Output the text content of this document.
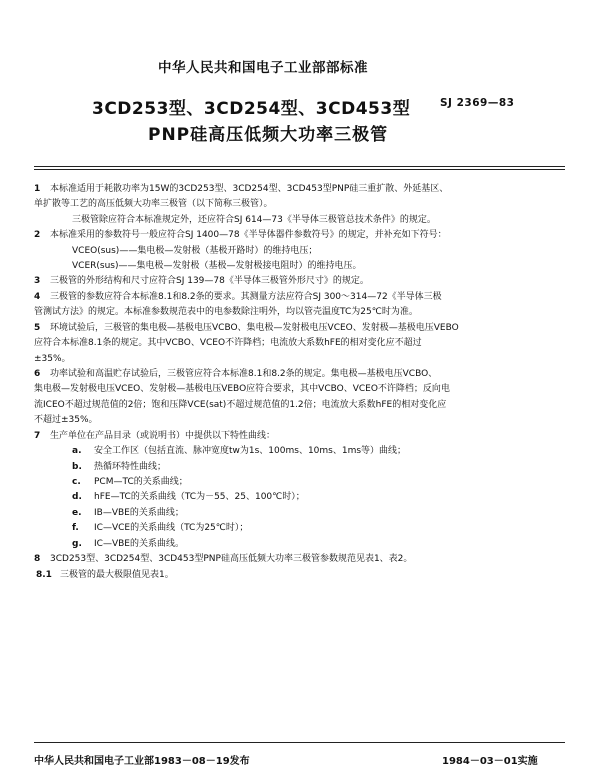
中华人民共和国电子工业部部标准
3CD253型、3CD254型、3CD453型
PNP硅高压低频大功率三极管
SJ 2369—83
1 本标准适用于耗散功率为15W的3CD253型、3CD254型、3CD453型PNP硅三重扩散、外延基区、
单扩散等工艺的高压低频大功率三极管（以下简称三极管）。
三极管除应符合本标准规定外，还应符合SJ 614—73《半导体三极管总技术条件》的规定。
2 本标准采用的参数符号一般应符合SJ 1400—78《半导体器件参数符号》的规定，并补充如下符号：
VCEO(sus)——集电极—发射极（基极开路时）的维持电压；
VCER(sus)——集电极—发射极（基极—发射极接电阻时）的维持电压。
3 三极管的外形结构和尺寸应符合SJ 139—78《半导体三极管外形尺寸》的规定。
4 三极管的参数应符合本标准8.1和8.2条的要求。其测量方法应符合SJ 300～314—72《半导体三极
管测试方法》的规定。本标准参数规范表中的电参数除注明外，均以管壳温度TC为25℃时为准。
5 环境试验后，三极管的集电极—基极电压VCBO、集电极—发射极电压VCEO、发射极—基极电压VEBO
应符合本标准8.1条的规定。其中VCBO、VCEO不许降档；电流放大系数hFE的相对变化应不超过
±35%。
6 功率试验和高温贮存试验后，三极管应符合本标准8.1和8.2条的规定。集电极—基极电压VCBO、
集电极—发射极电压VCEO、发射极—基极电压VEBO应符合要求，其中VCBO、VCEO不许降档；反向电
流ICEO不超过规范值的2倍；饱和压降VCE(sat)不超过规范值的1.2倍；电流放大系数hFE的相对变化应
不超过±35%。
7 生产单位在产品目录（或说明书）中提供以下特性曲线：
a. 安全工作区（包括直流、脉冲宽度tw为1s、100ms、10ms、1ms等）曲线；
b. 热循环特性曲线；
c. PCM—TC的关系曲线；
d. hFE—TC的关系曲线（TC为－55、25、100℃时）；
e. IB—VBE的关系曲线；
f. IC—VCE的关系曲线（TC为25℃时）；
g. IC—VBE的关系曲线。
8 3CD253型、3CD254型、3CD453型PNP硅高压低频大功率三极管参数规范见表1、表2。
8.1 三极管的最大极限值见表1。
中华人民共和国电子工业部1983－08－19发布	1984－03－01实施
